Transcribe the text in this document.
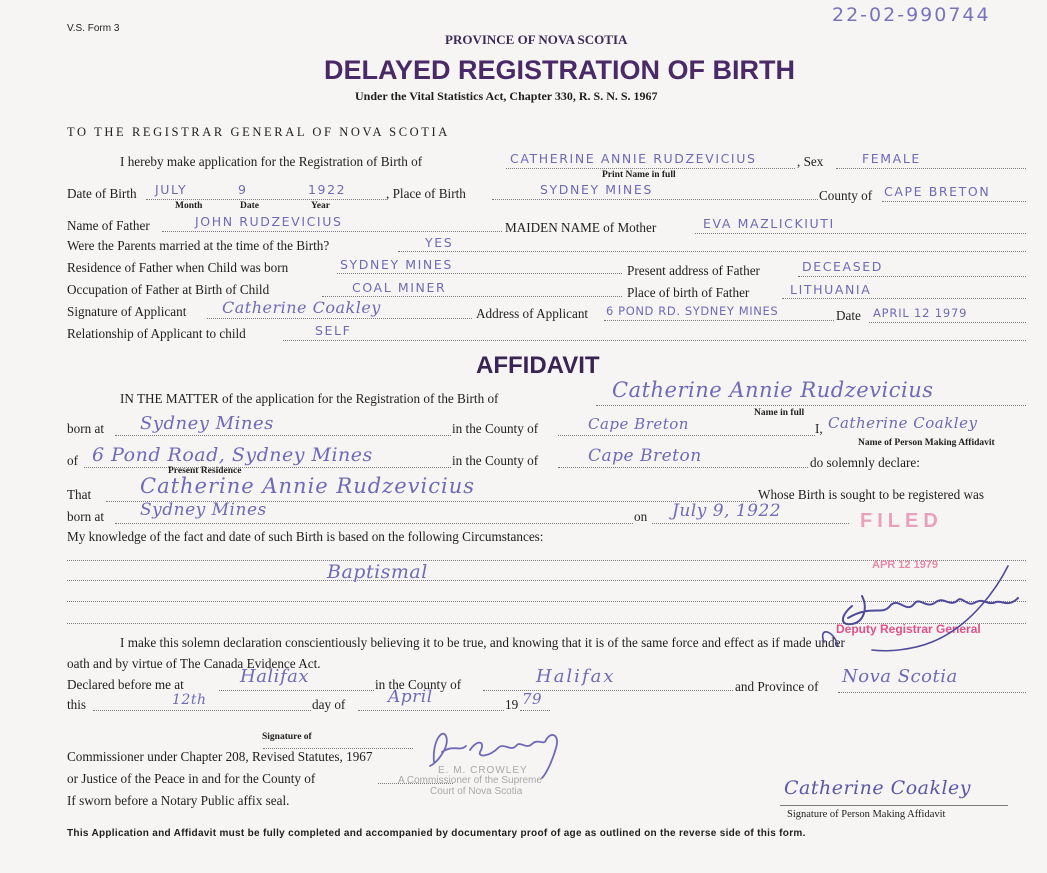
V.S. Form 3
22-02-990744
PROVINCE OF NOVA SCOTIA
DELAYED REGISTRATION OF BIRTH
Under the Vital Statistics Act, Chapter 330, R. S. N. S. 1967
TO THE REGISTRAR GENERAL OF NOVA SCOTIA
I hereby make application for the Registration of Birth of	CATHERINE ANNIE RUDZEVICIUS
Print Name in full
, Sex	FEMALE
Date of Birth JULY	9	1922
Month	Date	Year
, Place of Birth	SYDNEY MINES	County of CAPE BRETON
Name of Father	JOHN RUDZEVICIUS	MAIDEN NAME of Mother	EVA MAZLICKIUTI
Were the Parents married at the time of the Birth?	YES
Residence of Father when Child was born	SYDNEY MINES	Present address of Father	DECEASED
Occupation of Father at Birth of Child	COAL MINER	Place of birth of Father	LITHUANIA
Signature of Applicant Catherine Coakley	Address of Applicant 6 POND RD. SYDNEY MINES	Date APRIL 12 1979
Relationship of Applicant to child	SELF
AFFIDAVIT
IN THE MATTER of the application for the Registration of the Birth of	Catherine Annie Rudzevicius
Name in full
born at Sydney Mines	in the County of	Cape Breton	I, Catherine Coakley
Name of Person Making Affidavit
of 6 Pond Road, Sydney Mines
Present Residence
in the County of	Cape Breton	do solemnly declare:
That Catherine Annie Rudzevicius	Whose Birth is sought to be registered was
born at Sydney Mines	on July 9, 1922
My knowledge of the fact and date of such Birth is based on the following Circumstances:
Baptismal
I make this solemn declaration conscientiously believing it to be true, and knowing that it is of the same force and effect as if made under
oath and by virtue of The Canada Evidence Act.
Declared before me at	Halifax	in the County of	Halifax	and Province of Nova Scotia
this	12th	day of	April	19 79
Signature of
Commissioner under Chapter 208, Revised Statutes, 1967
or Justice of the Peace in and for the County of
If sworn before a Notary Public affix seal.
E. M. CROWLEY
A Commissioner of the Supreme
Court of Nova Scotia
FILED
APR 12 1979
Deputy Registrar General
Catherine Coakley
Signature of Person Making Affidavit
This Application and Affidavit must be fully completed and accompanied by documentary proof of age as outlined on the reverse side of this form.
